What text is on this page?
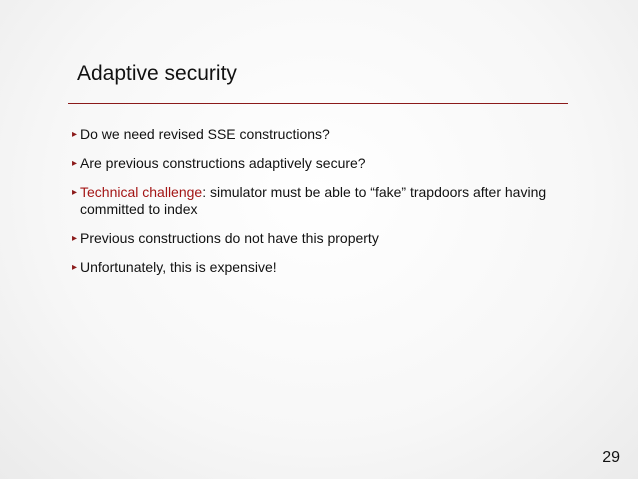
Adaptive security
▸ Do we need revised SSE constructions?
▸ Are previous constructions adaptively secure?
▸ Technical challenge: simulator must be able to “fake” trapdoors after having committed to index
▸ Previous constructions do not have this property
▸ Unfortunately, this is expensive!
29
